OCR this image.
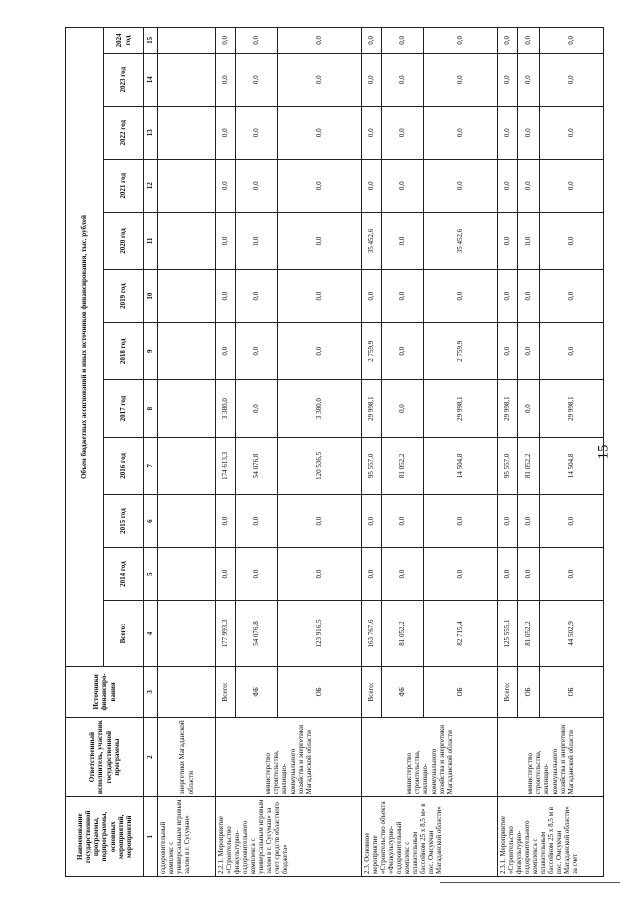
15
Наименование государственной программы, подпрограммы, основных мероприятий, мероприятий	Ответственный исполнитель, участник государственной программы	Источники финансиро-вания	Объем бюджетных ассигнований и иных источников финансирования, тыс. рублей											
			Всего:	2014 год	2015 год	2016 год	2017 год	2018 год	2019 год	2020 год	2021 год	2022 год	2023 год	2024 год
1	2	3	4	5	6	7	8	9	10	11	12	13	14	15
оздоровительный комплекс с универсальным игровым залом в г. Сусуман»	энергетики Магаданской области													
2.2.1. Мероприятие «Строительство физкультурно-оздоровительного комплекса с универсальным игровым залом в г. Сусуман» за счет средств областного бюджета»	министерство строительства, жилищно-коммунального хозяйства и энергетики Магаданской области	Всего:	177 993,3	0,0	0,0	174 613,3	3 380,0	0,0	0,0	0,0	0,0	0,0	0,0	0,0
		ФБ	54 076,8	0,0	0,0	54 076,8	0,0	0,0	0,0	0,0	0,0	0,0	0,0	0,0
		ОБ	123 916,5	0,0	0,0	120 536,5	3 380,0	0,0	0,0	0,0	0,0	0,0	0,0	0,0
2.3. Основное мероприятие «Строительство объекта «Физкультурно-оздоровительный комплекс с плавательным бассейном 25 х 8,5 м» в пос. Омсукчан Магаданской области»	министерство строительства, жилищно-коммунального хозяйства и энергетики Магаданской области	Всего:	163 767,6	0,0	0,0	95 557,0	29 998,1	2 759,9	0,0	35 452,6	0,0	0,0	0,0	0,0
		ФБ	81 052,2	0,0	0,0	81 052,2	0,0	0,0	0,0	0,0	0,0	0,0	0,0	0,0
		ОБ	82 715,4	0,0	0,0	14 504,8	29 998,1	2 759,9	0,0	35 452,6	0,0	0,0	0,0	0,0
2.3.1. Мероприятие «Строительство физкультурно-оздоровительного комплекса с плавательным бассейном 25 х 8,5 м в пос. Омсукчан Магаданской области» за счет	министерство строительства, жилищно-коммунального хозяйства и энергетики Магаданской области	Всего:	125 555,1	0,0	0,0	95 557,0	29 998,1	0,0	0,0	0,0	0,0	0,0	0,0	0,0
		ОБ	81 052,2	0,0	0,0	81 052,2	0,0	0,0	0,0	0,0	0,0	0,0	0,0	0,0
		ОБ	44 502,9	0,0	0,0	14 504,8	29 998,1	0,0	0,0	0,0	0,0	0,0	0,0	0,0
